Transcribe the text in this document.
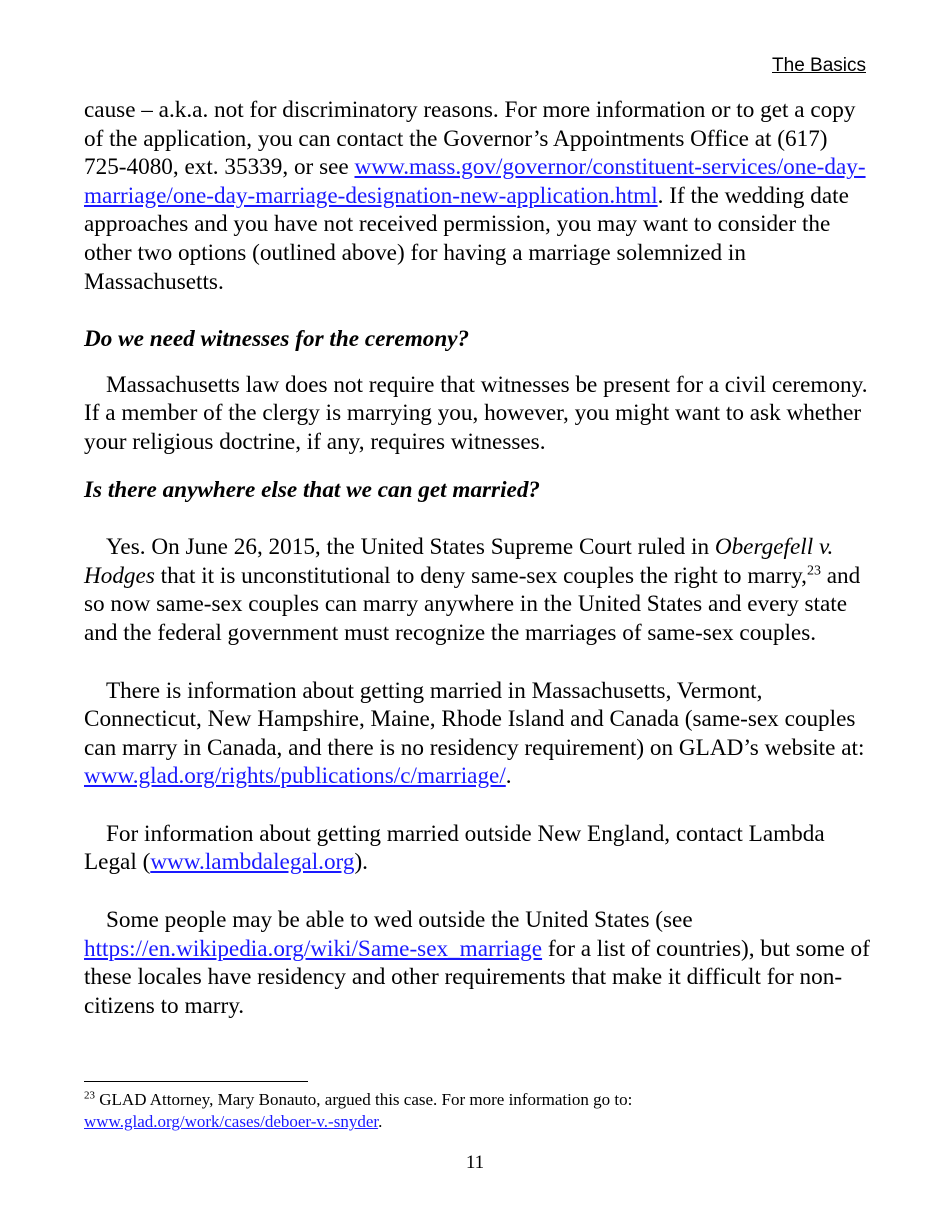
The Basics

cause – a.k.a. not for discriminatory reasons. For more information or to get a copy of the application, you can contact the Governor’s Appointments Office at (617) 725-4080, ext. 35339, or see www.mass.gov/governor/constituent-services/one-day-marriage/one-day-marriage-designation-new-application.html. If the wedding date approaches and you have not received permission, you may want to consider the other two options (outlined above) for having a marriage solemnized in Massachusetts.

Do we need witnesses for the ceremony?

Massachusetts law does not require that witnesses be present for a civil ceremony. If a member of the clergy is marrying you, however, you might want to ask whether your religious doctrine, if any, requires witnesses.

Is there anywhere else that we can get married?

Yes. On June 26, 2015, the United States Supreme Court ruled in Obergefell v. Hodges that it is unconstitutional to deny same-sex couples the right to marry,$^{23}$ and so now same-sex couples can marry anywhere in the United States and every state and the federal government must recognize the marriages of same-sex couples.

There is information about getting married in Massachusetts, Vermont, Connecticut, New Hampshire, Maine, Rhode Island and Canada (same-sex couples can marry in Canada, and there is no residency requirement) on GLAD’s website at: www.glad.org/rights/publications/c/marriage/.

For information about getting married outside New England, contact Lambda Legal (www.lambdalegal.org).

Some people may be able to wed outside the United States (see https://en.wikipedia.org/wiki/Same-sex_marriage for a list of countries), but some of these locales have residency and other requirements that make it difficult for non-citizens to marry.

$^{23}$ GLAD Attorney, Mary Bonauto, argued this case. For more information go to:
www.glad.org/work/cases/deboer-v.-snyder.
11
